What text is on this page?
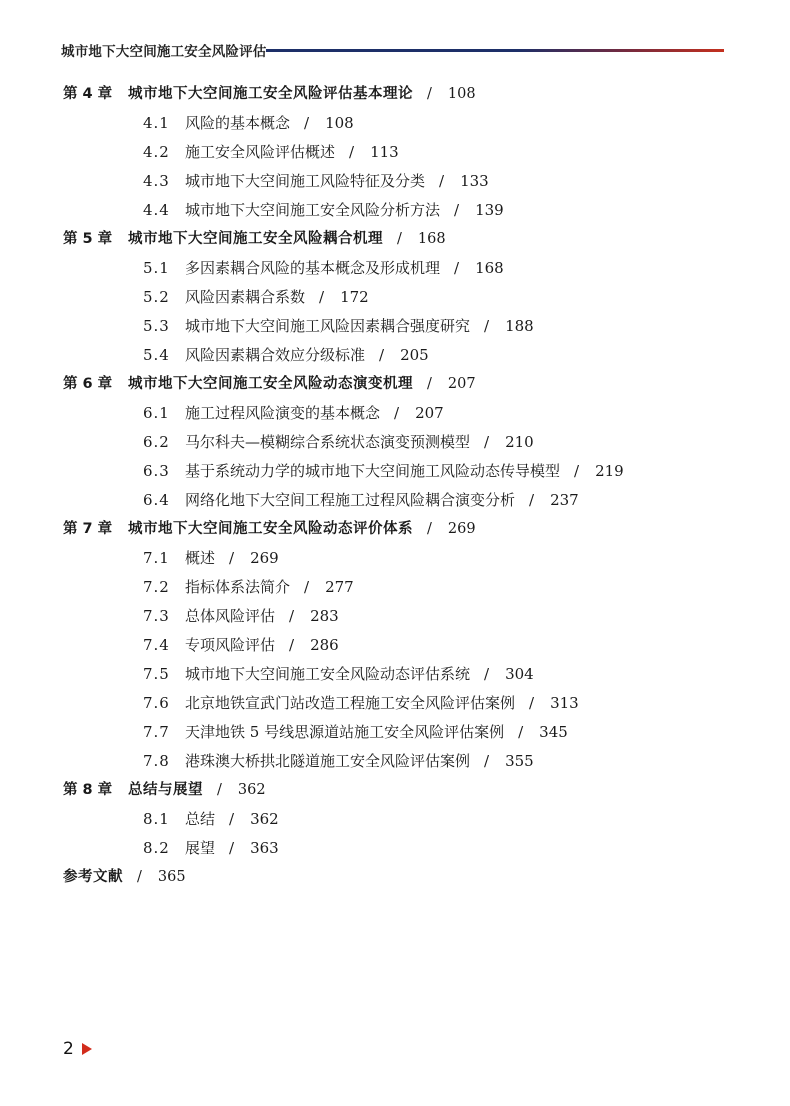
城市地下大空间施工安全风险评估
第 4 章 城市地下大空间施工安全风险评估基本理论 / 108
4.1 风险的基本概念 / 108
4.2 施工安全风险评估概述 / 113
4.3 城市地下大空间施工风险特征及分类 / 133
4.4 城市地下大空间施工安全风险分析方法 / 139
第 5 章 城市地下大空间施工安全风险耦合机理 / 168
5.1 多因素耦合风险的基本概念及形成机理 / 168
5.2 风险因素耦合系数 / 172
5.3 城市地下大空间施工风险因素耦合强度研究 / 188
5.4 风险因素耦合效应分级标准 / 205
第 6 章 城市地下大空间施工安全风险动态演变机理 / 207
6.1 施工过程风险演变的基本概念 / 207
6.2 马尔科夫—模糊综合系统状态演变预测模型 / 210
6.3 基于系统动力学的城市地下大空间施工风险动态传导模型 / 219
6.4 网络化地下大空间工程施工过程风险耦合演变分析 / 237
第 7 章 城市地下大空间施工安全风险动态评价体系 / 269
7.1 概述 / 269
7.2 指标体系法简介 / 277
7.3 总体风险评估 / 283
7.4 专项风险评估 / 286
7.5 城市地下大空间施工安全风险动态评估系统 / 304
7.6 北京地铁宣武门站改造工程施工安全风险评估案例 / 313
7.7 天津地铁 5 号线思源道站施工安全风险评估案例 / 345
7.8 港珠澳大桥拱北隧道施工安全风险评估案例 / 355
第 8 章 总结与展望 / 362
8.1 总结 / 362
8.2 展望 / 363
参考文献 / 365
2
